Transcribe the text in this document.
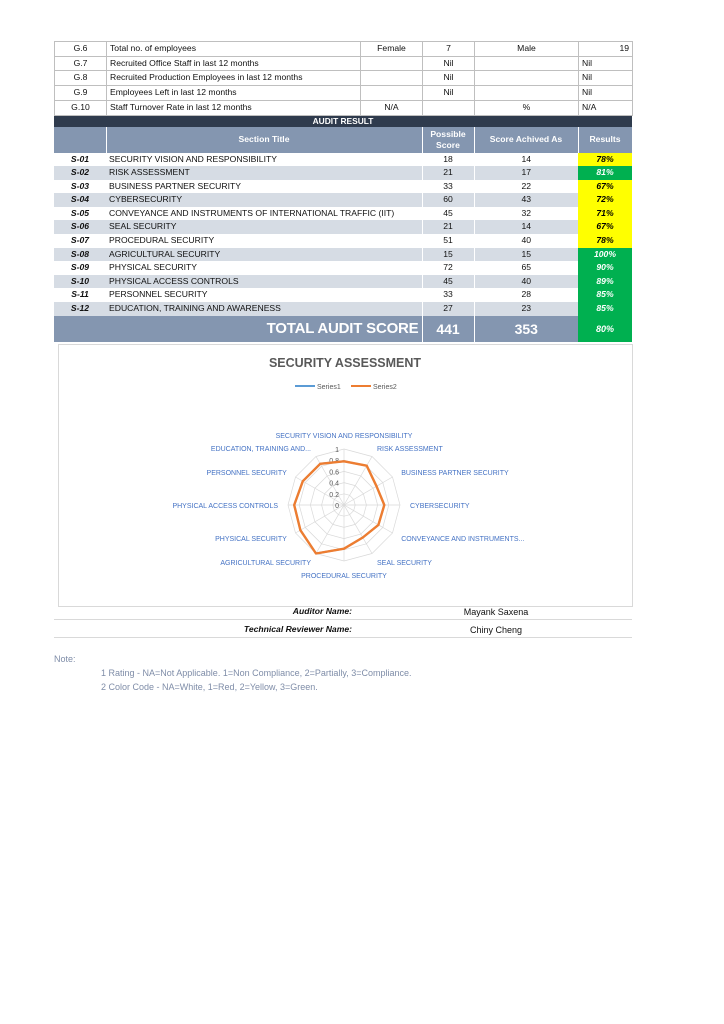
G.6	Total no. of employees	Female	7	Male	19
G.7	Recruited Office Staff in last 12 months		Nil		Nil
G.8	Recruited Production Employees in last 12 months		Nil		Nil
G.9	Employees Left in last 12 months		Nil		Nil
G.10	Staff Turnover Rate in last 12 months	N/A		%	N/A
AUDIT RESULT				
	Section Title	Possible Score	Score Achived As	Results
S-01	SECURITY VISION AND RESPONSIBILITY	18	14	78%
S-02	RISK ASSESSMENT	21	17	81%
S-03	BUSINESS PARTNER SECURITY	33	22	67%
S-04	CYBERSECURITY	60	43	72%
S-05	CONVEYANCE AND INSTRUMENTS OF INTERNATIONAL TRAFFIC (IIT)	45	32	71%
S-06	SEAL SECURITY	21	14	67%
S-07	PROCEDURAL SECURITY	51	40	78%
S-08	AGRICULTURAL SECURITY	15	15	100%
S-09	PHYSICAL SECURITY	72	65	90%
S-10	PHYSICAL ACCESS CONTROLS	45	40	89%
S-11	PERSONNEL SECURITY	33	28	85%
S-12	EDUCATION, TRAINING AND AWARENESS	27	23	85%
TOTAL AUDIT SCORE		441	353	80%
SECURITY ASSESSMENT
Series1	Series2
0
0.2
0.4
0.6
0.8
1
SECURITY VISION AND RESPONSIBILITY
RISK ASSESSMENT
BUSINESS PARTNER SECURITY
CYBERSECURITY
CONVEYANCE AND INSTRUMENTS...
SEAL SECURITY
PROCEDURAL SECURITY
AGRICULTURAL SECURITY
PHYSICAL SECURITY
PHYSICAL ACCESS CONTROLS
PERSONNEL SECURITY
EDUCATION, TRAINING AND...
Auditor Name:	Mayank Saxena
Technical Reviewer Name:	Chiny Cheng
Note:
1 Rating - NA=Not Applicable. 1=Non Compliance, 2=Partially, 3=Compliance.
2 Color Code - NA=White, 1=Red, 2=Yellow, 3=Green.
